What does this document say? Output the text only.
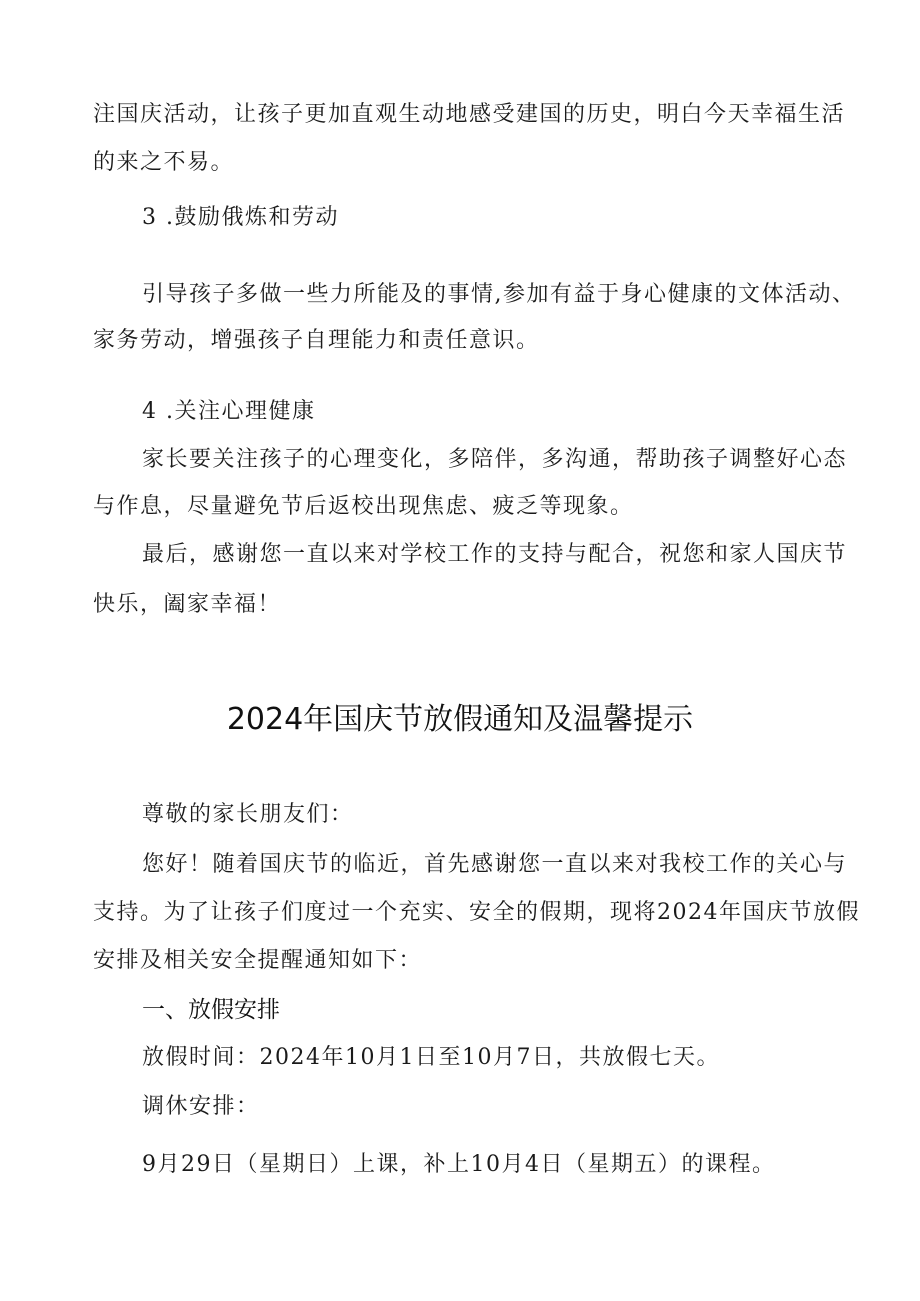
注国庆活动，让孩子更加直观生动地感受建国的历史，明白今天幸福生活
的来之不易。
3 .鼓励俄炼和劳动
引导孩子多做一些力所能及的事情,参加有益于身心健康的文体活动、
家务劳动，增强孩子自理能力和责任意识。
4 .关注心理健康
家长要关注孩子的心理变化，多陪伴，多沟通，帮助孩子调整好心态
与作息，尽量避免节后返校出现焦虑、疲乏等现象。
最后，感谢您一直以来对学校工作的支持与配合，祝您和家人国庆节
快乐，阖家幸福！
2024年国庆节放假通知及温馨提示
尊敬的家长朋友们：
您好！随着国庆节的临近，首先感谢您一直以来对我校工作的关心与
支持。为了让孩子们度过一个充实、安全的假期，现将2024年国庆节放假
安排及相关安全提醒通知如下：
一、放假安排
放假时间：2024年10月1日至10月7日，共放假七天。
调休安排：
9月29日（星期日）上课，补上10月4日（星期五）的课程。
